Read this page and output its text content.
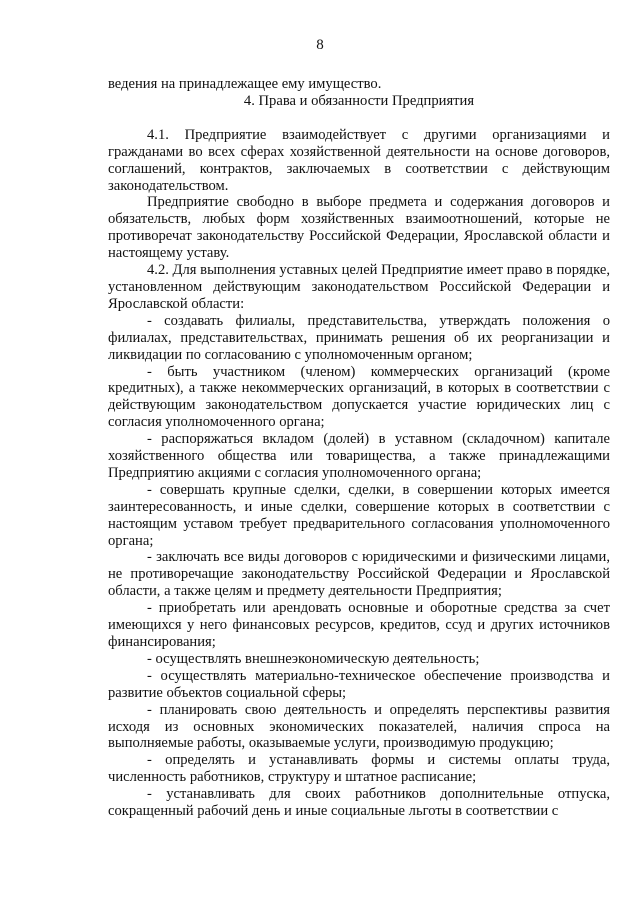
8

ведения на принадлежащее ему имущество.

4. Права и обязанности Предприятия

4.1. Предприятие взаимодействует с другими организациями и гражданами во всех сферах хозяйственной деятельности на основе договоров, соглашений, контрактов, заключаемых в соответствии с действующим законодательством.

Предприятие свободно в выборе предмета и содержания договоров и обязательств, любых форм хозяйственных взаимоотношений, которые не противоречат законодательству Российской Федерации, Ярославской области и настоящему уставу.

4.2. Для выполнения уставных целей Предприятие имеет право в порядке, установленном действующим законодательством Российской Федерации и Ярославской области:

- создавать филиалы, представительства, утверждать положения о филиалах, представительствах, принимать решения об их реорганизации и ликвидации по согласованию с уполномоченным органом;

- быть участником (членом) коммерческих организаций (кроме кредитных), а также некоммерческих организаций, в которых в соответствии с действующим законодательством допускается участие юридических лиц с согласия уполномоченного органа;

- распоряжаться вкладом (долей) в уставном (складочном) капитале хозяйственного общества или товарищества, а также принадлежащими Предприятию акциями с согласия уполномоченного органа;

- совершать крупные сделки, сделки, в совершении которых имеется заинтересованность, и иные сделки, совершение которых в соответствии с настоящим уставом требует предварительного согласования уполномоченного органа;

- заключать все виды договоров с юридическими и физическими лицами, не противоречащие законодательству Российской Федерации и Ярославской области, а также целям и предмету деятельности Предприятия;

- приобретать или арендовать основные и оборотные средства за счет имеющихся у него финансовых ресурсов, кредитов, ссуд и других источников финансирования;

- осуществлять внешнеэкономическую деятельность;

- осуществлять материально-техническое обеспечение производства и развитие объектов социальной сферы;

- планировать свою деятельность и определять перспективы развития исходя из основных экономических показателей, наличия спроса на выполняемые работы, оказываемые услуги, производимую продукцию;

- определять и устанавливать формы и системы оплаты труда, численность работников, структуру и штатное расписание;

- устанавливать для своих работников дополнительные отпуска, сокращенный рабочий день и иные социальные льготы в соответствии с
